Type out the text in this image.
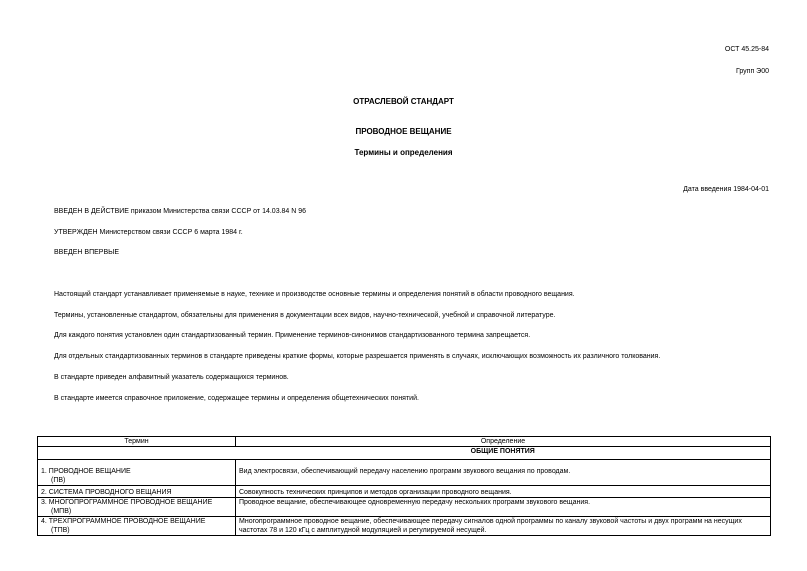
ОСТ 45.25-84
Групп Э00
ОТРАСЛЕВОЙ СТАНДАРТ
ПРОВОДНОЕ ВЕЩАНИЕ
Термины и определения
Дата введения 1984-04-01
ВВЕДЕН В ДЕЙСТВИЕ приказом Министерства связи СССР от 14.03.84 N 96
УТВЕРЖДЕН Министерством связи СССР 6 марта 1984 г.
ВВЕДЕН ВПЕРВЫЕ
Настоящий стандарт устанавливает применяемые в науке, технике и производстве основные термины и определения понятий в области проводного вещания.
Термины, установленные стандартом, обязательны для применения в документации всех видов, научно-технической, учебной и справочной литературе.
Для каждого понятия установлен один стандартизованный термин. Применение терминов-синонимов стандартизованного термина запрещается.
Для отдельных стандартизованных терминов в стандарте приведены краткие формы, которые разрешается применять в случаях, исключающих возможность их различного толкования.
В стандарте приведен алфавитный указатель содержащихся терминов.
В стандарте имеется справочное приложение, содержащее термины и определения общетехнических понятий.
Термин	Определение
	ОБЩИЕ ПОНЯТИЯ
1. ПРОВОДНОЕ ВЕЩАНИЕ
(ПВ)	Вид электросвязи, обеспечивающий передачу населению программ звукового вещания по проводам.
2. СИСТЕМА ПРОВОДНОГО ВЕЩАНИЯ	Совокупность технических принципов и методов организации проводного вещания.
3. МНОГОПРОГРАММНОЕ ПРОВОДНОЕ ВЕЩАНИЕ
(МПВ)	Проводное вещание, обеспечивающее одновременную передачу нескольких программ звукового вещания.
4. ТРЕХПРОГРАММНОЕ ПРОВОДНОЕ ВЕЩАНИЕ
(ТПВ)	Многопрограммное проводное вещание, обеспечивающее передачу сигналов одной программы по каналу звуковой частоты и двух программ на несущих частотах 78 и 120 кГц с амплитудной модуляцией и регулируемой несущей.
